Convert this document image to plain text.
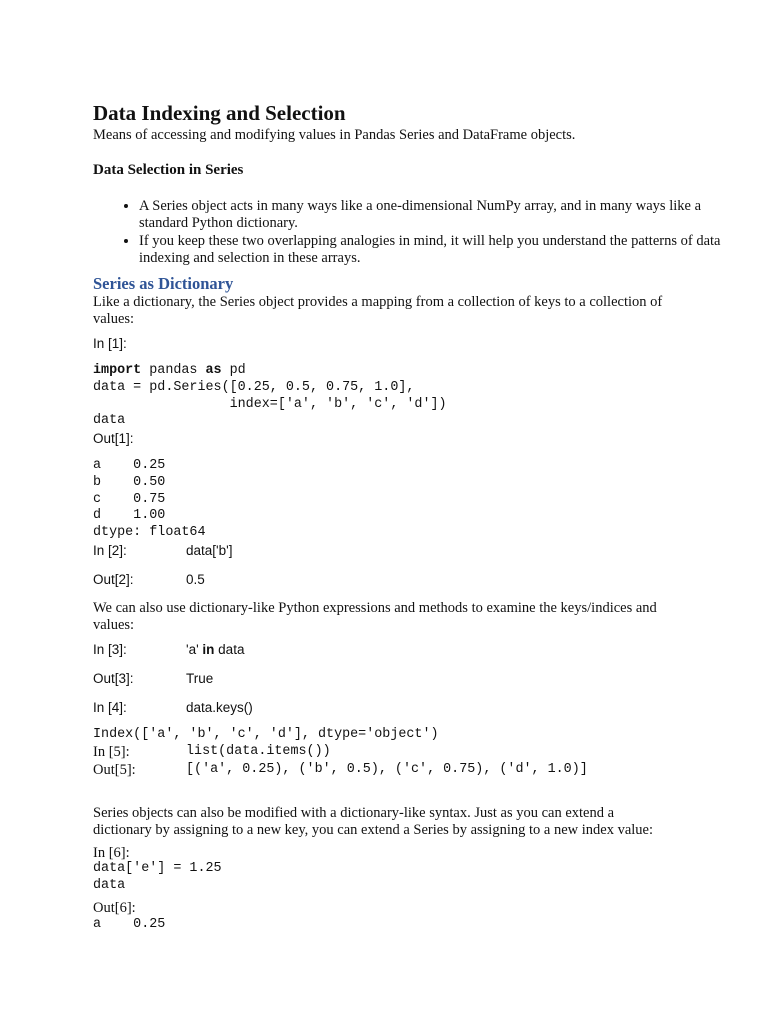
Data Indexing and Selection
Means of accessing and modifying values in Pandas Series and DataFrame objects.
Data Selection in Series
• A Series object acts in many ways like a one-dimensional NumPy array, and in many ways like a standard Python dictionary.
• If you keep these two overlapping analogies in mind, it will help you understand the patterns of data indexing and selection in these arrays.
Series as Dictionary
Like a dictionary, the Series object provides a mapping from a collection of keys to a collection of
values:
In [1]:
import pandas as pd
data = pd.Series([0.25, 0.5, 0.75, 1.0],
index=['a', 'b', 'c', 'd'])
data
Out[1]:
a    0.25
b    0.50
c    0.75
d    1.00
dtype: float64
In [2]:	data['b']
Out[2]:	0.5
We can also use dictionary-like Python expressions and methods to examine the keys/indices and
values:
In [3]:	'a' in data
Out[3]:	True
In [4]:	data.keys()
Index(['a', 'b', 'c', 'd'], dtype='object')
In [5]:	list(data.items())
Out[5]:	[('a', 0.25), ('b', 0.5), ('c', 0.75), ('d', 1.0)]
Series objects can also be modified with a dictionary-like syntax. Just as you can extend a
dictionary by assigning to a new key, you can extend a Series by assigning to a new index value:
In [6]:
data['e'] = 1.25
data
Out[6]:
a    0.25
